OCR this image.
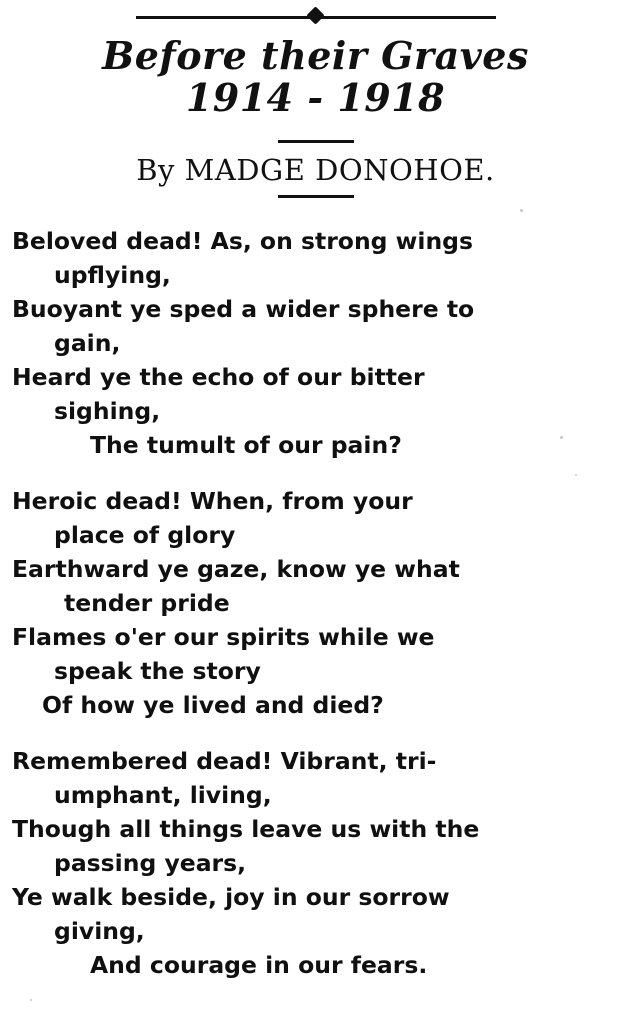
Before their Graves
1914 - 1918
By MADGE DONOHOE.
Beloved dead! As, on strong wings
upflying,
Buoyant ye sped a wider sphere to
gain,
Heard ye the echo of our bitter
sighing,
The tumult of our pain?
Heroic dead! When, from your
place of glory
Earthward ye gaze, know ye what
tender pride
Flames o'er our spirits while we
speak the story
Of how ye lived and died?
Remembered dead! Vibrant, tri-
umphant, living,
Though all things leave us with the
passing years,
Ye walk beside, joy in our sorrow
giving,
And courage in our fears.
